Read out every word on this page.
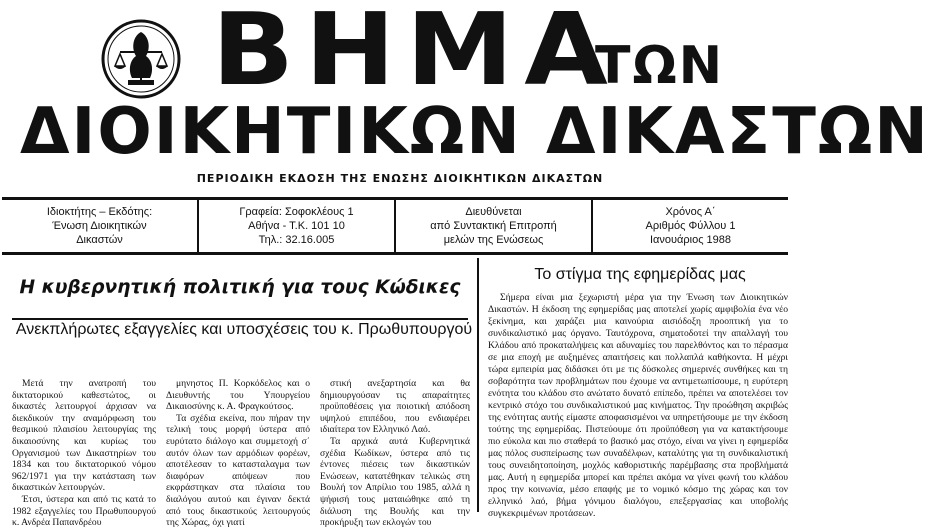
ΒΗΜΑ
ΤΩΝ
ΔΙΟΙΚΗΤΙΚΩΝ ΔΙΚΑΣΤΩΝ
ΠΕΡΙΟΔΙΚΗ ΕΚΔΟΣΗ ΤΗΣ ΕΝΩΣΗΣ ΔΙΟΙΚΗΤΙΚΩΝ ΔΙΚΑΣΤΩΝ
Ιδιοκτήτης – Εκδότης:
Ένωση Διοικητικών
Δικαστών
Γραφεία: Σοφοκλέους 1
Αθήνα - Τ.Κ. 101 10
Τηλ.: 32.16.005
Διευθύνεται
από Συντακτική Επιτροπή
μελών της Ενώσεως
Χρόνος Α΄
Αριθμός Φύλλου 1
Ιανουάριος 1988
Η κυβερνητική πολιτική για τους Κώδικες
Ανεκπλήρωτες εξαγγελίες και υποσχέσεις του κ. Πρωθυπουργού

Μετά την ανατροπή του δικτατορικού καθεστώτος, οι δικαστές λειτουργοί άρχισαν να διεκδικούν την αναμόρφωση του θεσμικού πλαισίου λειτουργίας της δικαιοσύνης και κυρίως του Οργανισμού των Δικαστηρίων του 1834 και του δικτατορικού νόμου 962/1971 για την κατάσταση των δικαστικών λειτουργών.

Έτσι, ύστερα και από τις κατά το 1982 εξαγγελίες του Πρωθυπουργού κ. Ανδρέα Παπανδρέου

μηνηστος Π. Κορκόδελος και ο Διευθυντής του Υπουργείου Δικαιοσύνης κ. Α. Φραγκούτσος.

Τα σχέδια εκείνα, που πήραν την τελική τους μορφή ύστερα από ευρύτατο διάλογο και συμμετοχή σ΄ αυτόν όλων των αρμόδιων φορέων, αποτέλεσαν το κατασταλαγμα των διαφόρων απόψεων που εκφράστηκαν στα πλαίσια του διαλόγου αυτού και έγιναν δεκτά από τους δικαστικούς λειτουργούς της Χώρας, όχι γιατί

στική ανεξαρτησία και θα δημιουργούσαν τις απαραίτητες προϋποθέσεις για ποιοτική απόδοση υψηλού επιπέδου, που ενδιαφέρει ιδιαίτερα τον Ελληνικό Λαό.

Τα αρχικά αυτά Κυβερνητικά σχέδια Κωδίκων, ύστερα από τις έντονες πιέσεις των δικαστικών Ενώσεων, κατατέθηκαν τελικώς στη Βουλή τον Απρίλιο του 1985, αλλά η ψήφισή τους ματαιώθηκε από τη διάλυση της Βουλής και την προκήρυξη των εκλογών του

Το στίγμα της εφημερίδας μας

Σήμερα είναι μια ξεχωριστή μέρα για την Ένωση των Διοικητικών Δικαστών. Η έκδοση της εφημερίδας μας αποτελεί χωρίς αμφιβολία ένα νέο ξεκίνημα, και χαράζει μια καινούρια αισιόδοξη προοπτική για το συνδικαλιστικό μας όργανο. Ταυτόχρονα, σηματοδοτεί την απαλλαγή του Κλάδου από προκαταλήψεις και αδυναμίες του παρελθόντος και το πέρασμα σε μια εποχή με αυξημένες απαιτήσεις και πολλαπλά καθήκοντα. Η μέχρι τώρα εμπειρία μας διδάσκει ότι με τις δύσκολες σημερινές συνθήκες και τη σοβαρότητα των προβλημάτων που έχουμε να αντιμετωπίσουμε, η ευρύτερη ενότητα του κλάδου στο ανώτατο δυνατό επίπεδο, πρέπει να αποτελέσει τον κεντρικό στόχο του συνδικαλιστικού μας κινήματος. Την προώθηση ακριβώς της ενότητας αυτής είμαστε αποφασισμένοι να υπηρετήσουμε με την έκδοση τούτης της εφημερίδας. Πιστεύουμε ότι προϋπόθεση για να κατακτήσουμε πιο εύκολα και πιο σταθερά το βασικό μας στόχο, είναι να γίνει η εφημερίδα μας πόλος συσπείρωσης των συναδέλφων, καταλύτης για τη συνδικαλιστική τους συνειδητοποίηση, μοχλός καθοριστικής παρέμβασης στα προβλήματά μας. Αυτή η εφημερίδα μπορεί και πρέπει ακόμα να γίνει φωνή του κλάδου προς την κοινωνία, μέσο επαφής με το νομικό κόσμο της χώρας και τον ελληνικό λαό, βήμα γόνιμου διαλόγου, επεξεργασίας και υποβολής συγκεκριμένων προτάσεων.
